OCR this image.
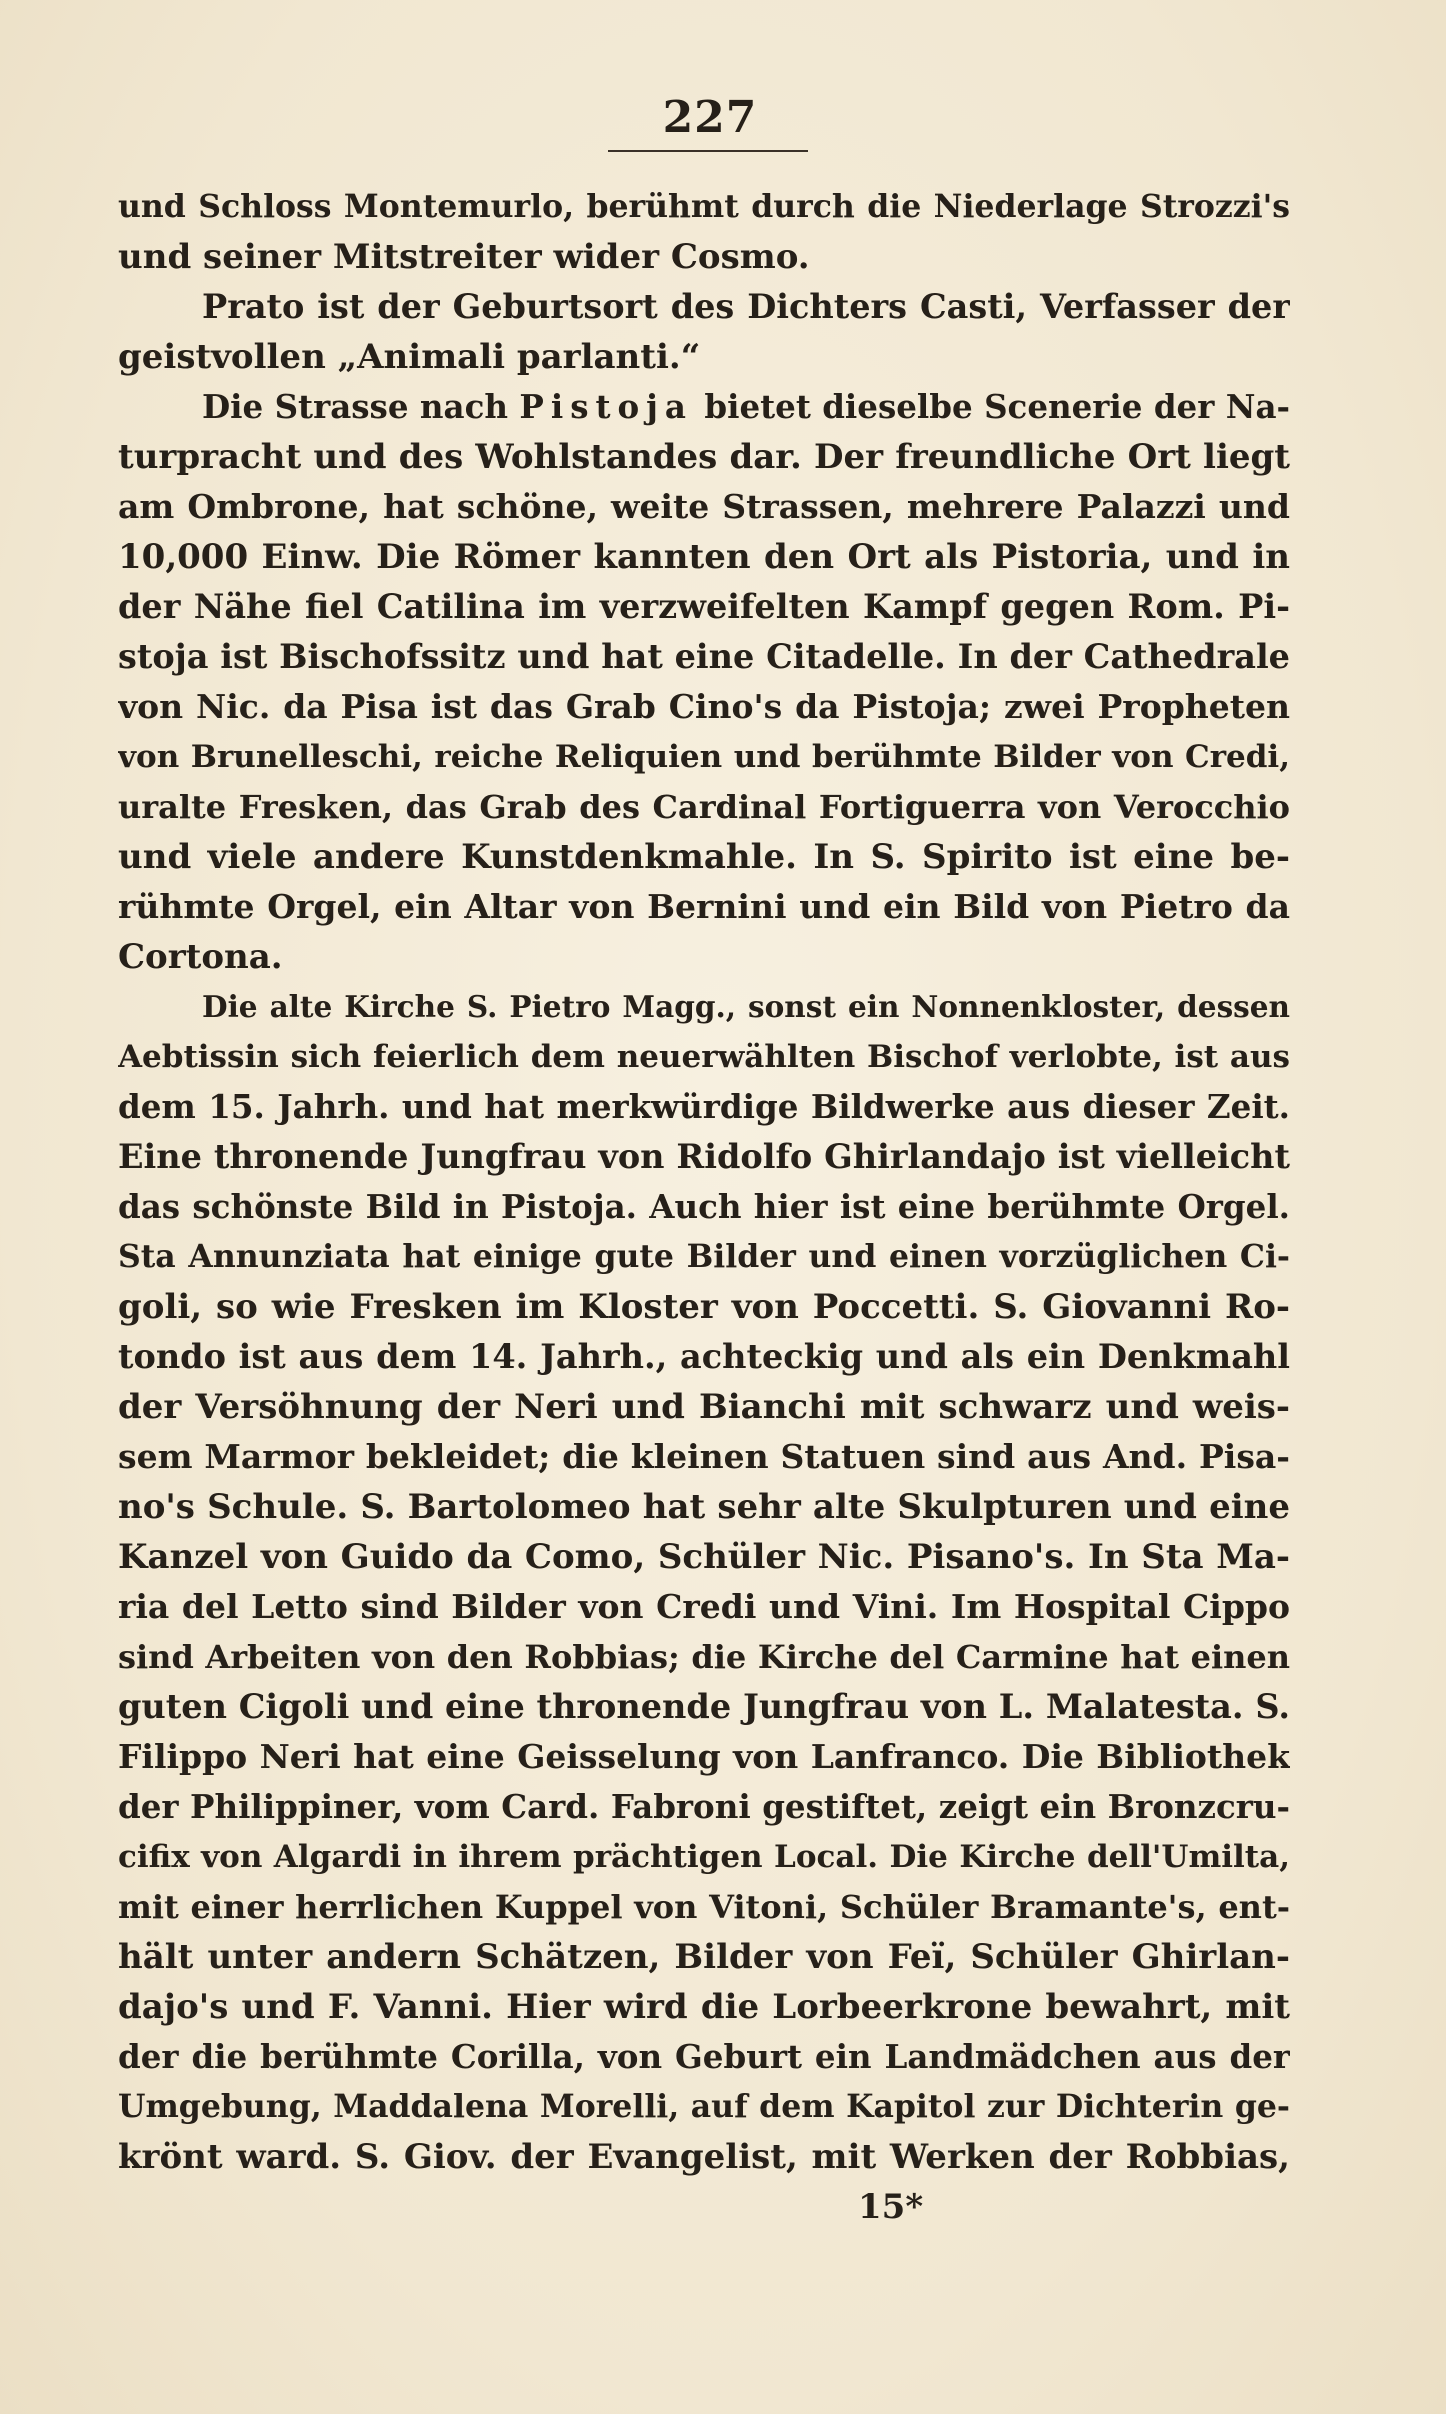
227
und Schloss Montemurlo, berühmt durch die Niederlage Strozzi's
und seiner Mitstreiter wider Cosmo.
Prato ist der Geburtsort des Dichters Casti, Verfasser der
geistvollen „Animali parlanti.“
Die Strasse nach Pistoja bietet dieselbe Scenerie der Na-
turpracht und des Wohlstandes dar. Der freundliche Ort liegt
am Ombrone, hat schöne, weite Strassen, mehrere Palazzi und
10,000 Einw. Die Römer kannten den Ort als Pistoria, und in
der Nähe fiel Catilina im verzweifelten Kampf gegen Rom. Pi-
stoja ist Bischofssitz und hat eine Citadelle. In der Cathedrale
von Nic. da Pisa ist das Grab Cino's da Pistoja; zwei Propheten
von Brunelleschi, reiche Reliquien und berühmte Bilder von Credi,
uralte Fresken, das Grab des Cardinal Fortiguerra von Verocchio
und viele andere Kunstdenkmahle. In S. Spirito ist eine be-
rühmte Orgel, ein Altar von Bernini und ein Bild von Pietro da
Cortona.
Die alte Kirche S. Pietro Magg., sonst ein Nonnenkloster, dessen
Aebtissin sich feierlich dem neuerwählten Bischof verlobte, ist aus
dem 15. Jahrh. und hat merkwürdige Bildwerke aus dieser Zeit.
Eine thronende Jungfrau von Ridolfo Ghirlandajo ist vielleicht
das schönste Bild in Pistoja. Auch hier ist eine berühmte Orgel.
Sta Annunziata hat einige gute Bilder und einen vorzüglichen Ci-
goli, so wie Fresken im Kloster von Poccetti. S. Giovanni Ro-
tondo ist aus dem 14. Jahrh., achteckig und als ein Denkmahl
der Versöhnung der Neri und Bianchi mit schwarz und weis-
sem Marmor bekleidet; die kleinen Statuen sind aus And. Pisa-
no's Schule. S. Bartolomeo hat sehr alte Skulpturen und eine
Kanzel von Guido da Como, Schüler Nic. Pisano's. In Sta Ma-
ria del Letto sind Bilder von Credi und Vini. Im Hospital Cippo
sind Arbeiten von den Robbias; die Kirche del Carmine hat einen
guten Cigoli und eine thronende Jungfrau von L. Malatesta. S.
Filippo Neri hat eine Geisselung von Lanfranco. Die Bibliothek
der Philippiner, vom Card. Fabroni gestiftet, zeigt ein Bronzcru-
cifix von Algardi in ihrem prächtigen Local. Die Kirche dell'Umilta,
mit einer herrlichen Kuppel von Vitoni, Schüler Bramante's, ent-
hält unter andern Schätzen, Bilder von Feï, Schüler Ghirlan-
dajo's und F. Vanni. Hier wird die Lorbeerkrone bewahrt, mit
der die berühmte Corilla, von Geburt ein Landmädchen aus der
Umgebung, Maddalena Morelli, auf dem Kapitol zur Dichterin ge-
krönt ward. S. Giov. der Evangelist, mit Werken der Robbias,
15*
